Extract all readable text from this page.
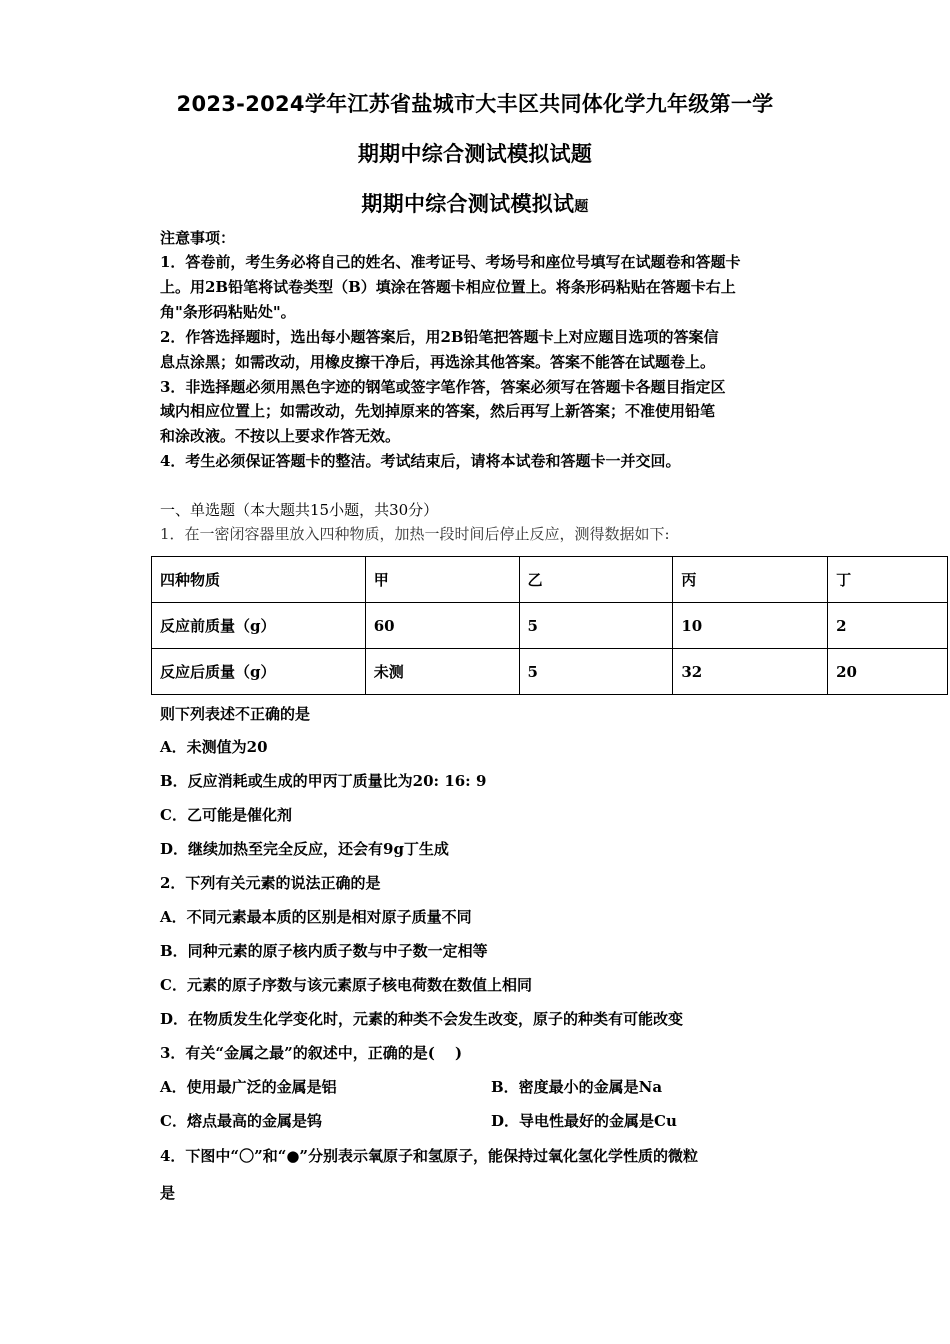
2023-2024学年江苏省盐城市大丰区共同体化学九年级第一学
期期中综合测试模拟试题
期期中综合测试模拟试题
注意事项：
1．答卷前，考生务必将自己的姓名、准考证号、考场号和座位号填写在试题卷和答题卡
上。用2B铅笔将试卷类型（B）填涂在答题卡相应位置上。将条形码粘贴在答题卡右上
角"条形码粘贴处"。
2．作答选择题时，选出每小题答案后，用2B铅笔把答题卡上对应题目选项的答案信
息点涂黑；如需改动，用橡皮擦干净后，再选涂其他答案。答案不能答在试题卷上。
3．非选择题必须用黑色字迹的钢笔或签字笔作答，答案必须写在答题卡各题目指定区
域内相应位置上；如需改动，先划掉原来的答案，然后再写上新答案；不准使用铅笔
和涂改液。不按以上要求作答无效。
4．考生必须保证答题卡的整洁。考试结束后，请将本试卷和答题卡一并交回。
一、单选题（本大题共15小题，共30分）
1．在一密闭容器里放入四种物质，加热一段时间后停止反应，测得数据如下:
四种物质	甲	乙	丙	丁
反应前质量（g）	60	5	10	2
反应后质量（g）	未测	5	32	20
则下列表述不正确的是
A．未测值为20
B．反应消耗或生成的甲丙丁质量比为20: 16: 9
C．乙可能是催化剂
D．继续加热至完全反应，还会有9g丁生成
2．下列有关元素的说法正确的是
A．不同元素最本质的区别是相对原子质量不同
B．同种元素的原子核内质子数与中子数一定相等
C．元素的原子序数与该元素原子核电荷数在数值上相同
D．在物质发生化学变化时，元素的种类不会发生改变，原子的种类有可能改变
3．有关“金属之最”的叙述中，正确的是(　 )
A．使用最广泛的金属是铝	B．密度最小的金属是Na
C．熔点最高的金属是钨	D．导电性最好的金属是Cu
4．下图中“〇”和“●”分别表示氧原子和氢原子，能保持过氧化氢化学性质的微粒
是
